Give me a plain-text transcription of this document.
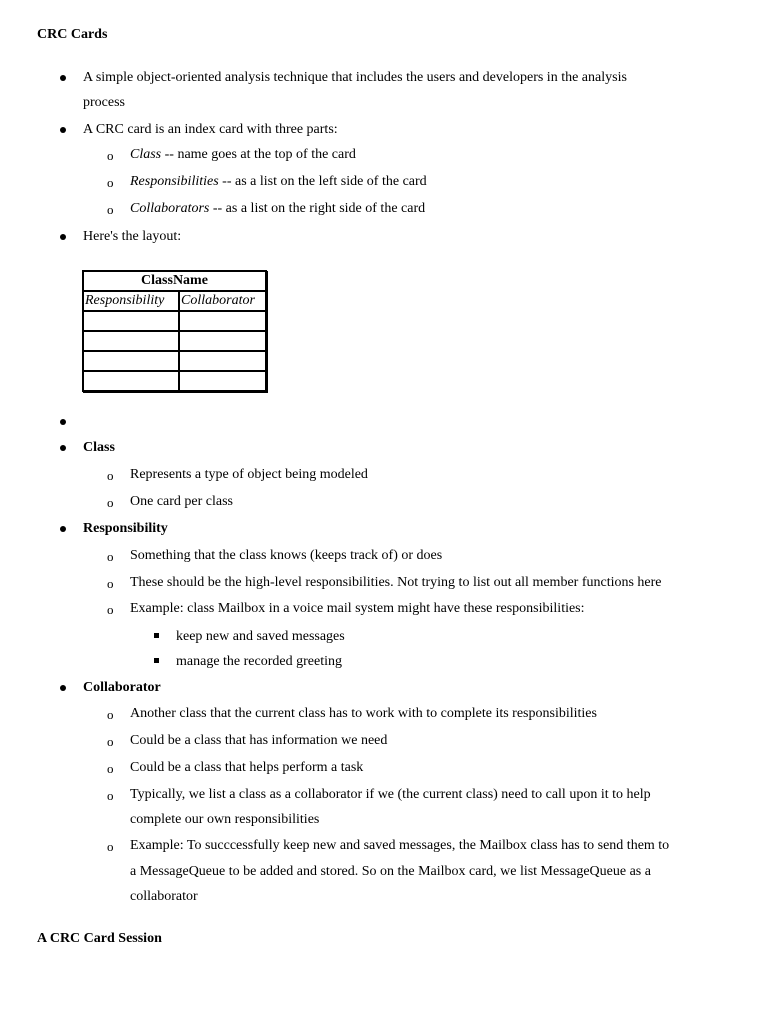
CRC Cards
A simple object-oriented analysis technique that includes the users and developers in the analysis
process
A CRC card is an index card with three parts:
o Class -- name goes at the top of the card
o Responsibilities -- as a list on the left side of the card
o Collaborators -- as a list on the right side of the card
Here's the layout:
ClassName	
Responsibility	Collaborator

Class
o Represents a type of object being modeled
o One card per class
Responsibility
o Something that the class knows (keeps track of) or does
o These should be the high-level responsibilities. Not trying to list out all member functions here
o Example: class Mailbox in a voice mail system might have these responsibilities:
keep new and saved messages
manage the recorded greeting
Collaborator
o Another class that the current class has to work with to complete its responsibilities
o Could be a class that has information we need
o Could be a class that helps perform a task
o Typically, we list a class as a collaborator if we (the current class) need to call upon it to help
complete our own responsibilities
o Example: To succcessfully keep new and saved messages, the Mailbox class has to send them to
a MessageQueue to be added and stored. So on the Mailbox card, we list MessageQueue as a
collaborator
A CRC Card Session
